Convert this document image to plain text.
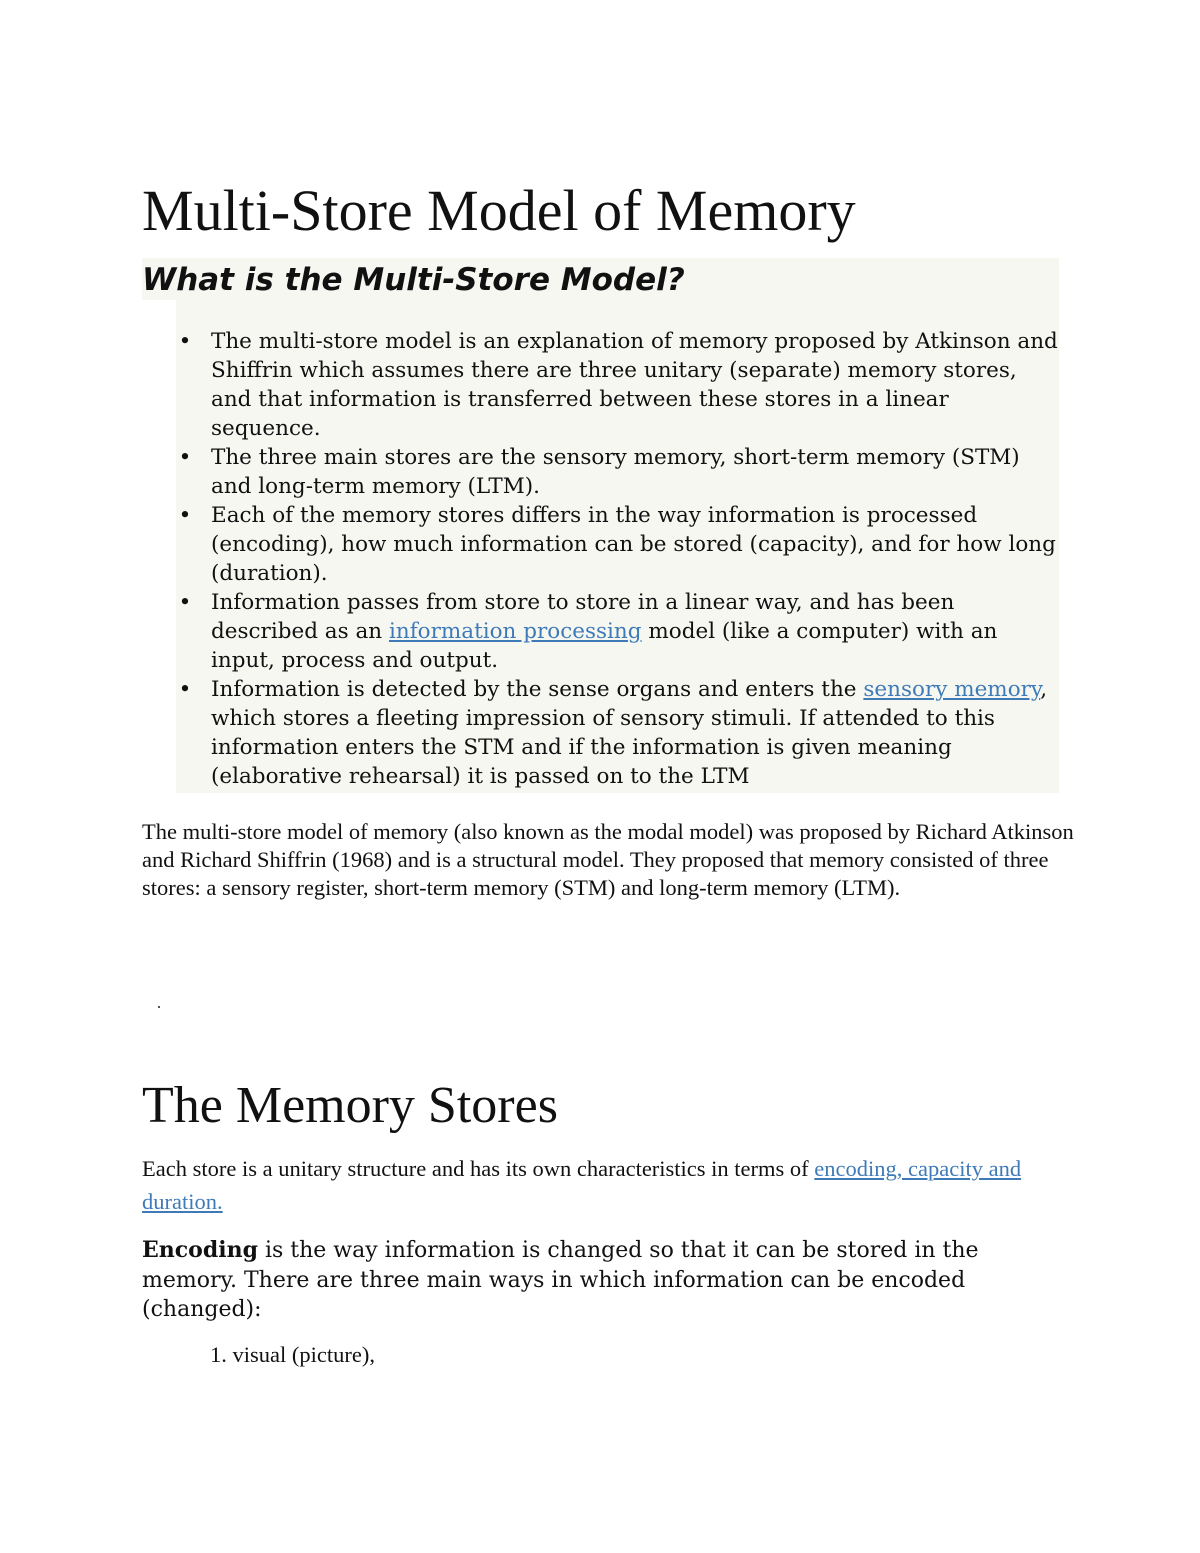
Multi-Store Model of Memory
What is the Multi-Store Model?
• The multi-store model is an explanation of memory proposed by Atkinson and Shiffrin which assumes there are three unitary (separate) memory stores, and that information is transferred between these stores in a linear sequence.
• The three main stores are the sensory memory, short-term memory (STM) and long-term memory (LTM).
• Each of the memory stores differs in the way information is processed (encoding), how much information can be stored (capacity), and for how long (duration).
• Information passes from store to store in a linear way, and has been described as an information processing model (like a computer) with an input, process and output.
• Information is detected by the sense organs and enters the sensory memory, which stores a fleeting impression of sensory stimuli. If attended to this information enters the STM and if the information is given meaning (elaborative rehearsal) it is passed on to the LTM

The multi-store model of memory (also known as the modal model) was proposed by Richard Atkinson and Richard Shiffrin (1968) and is a structural model. They proposed that memory consisted of three stores: a sensory register, short-term memory (STM) and long-term memory (LTM).

The Memory Stores

Each store is a unitary structure and has its own characteristics in terms of encoding, capacity and duration.

Encoding is the way information is changed so that it can be stored in the memory. There are three main ways in which information can be encoded (changed):

1. visual (picture),
